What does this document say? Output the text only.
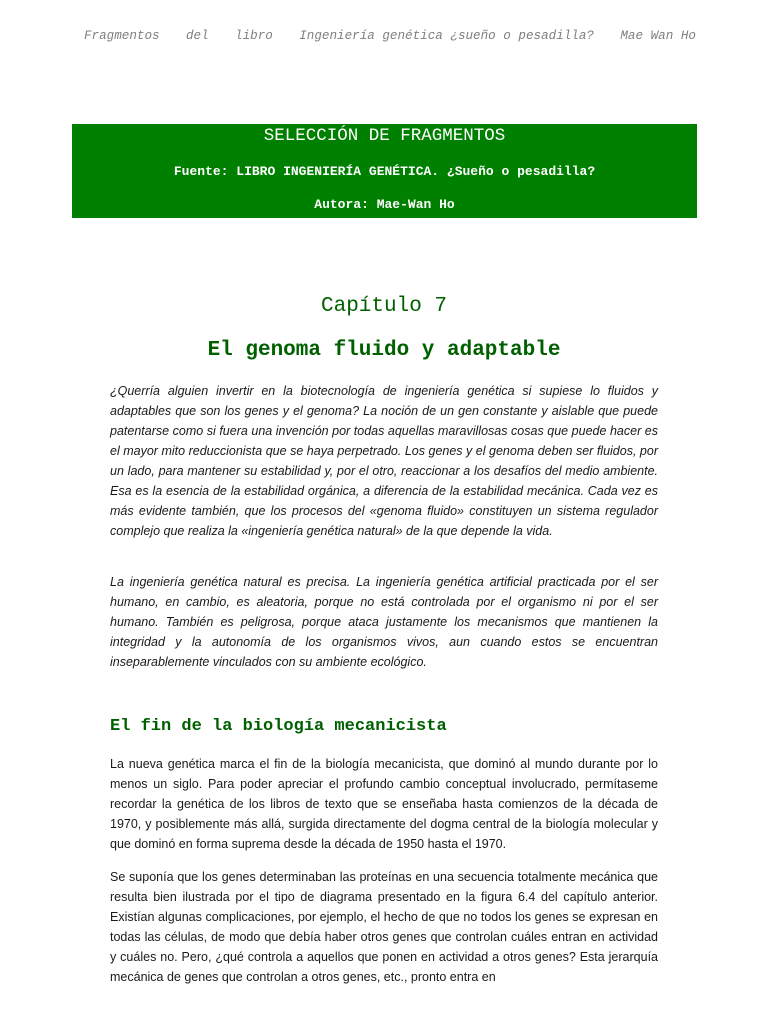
Fragmentos del libro Ingeniería genética ¿sueño o pesadilla? Mae Wan Ho
SELECCIÓN DE FRAGMENTOS
Fuente: LIBRO INGENIERÍA GENÉTICA. ¿Sueño o pesadilla?
Autora: Mae-Wan Ho
Capítulo 7
El genoma fluido y adaptable

¿Querría alguien invertir en la biotecnología de ingeniería genética si supiese lo fluidos y adaptables que son los genes y el genoma? La noción de un gen constante y aislable que puede patentarse como si fuera una invención por todas aquellas maravillosas cosas que puede hacer es el mayor mito reduccionista que se haya perpetrado. Los genes y el genoma deben ser fluidos, por un lado, para mantener su estabilidad y, por el otro, reaccionar a los desafíos del medio ambiente. Esa es la esencia de la estabilidad orgánica, a diferencia de la estabilidad mecánica. Cada vez es más evidente también, que los procesos del «genoma fluido» constituyen un sistema regulador complejo que realiza la «ingeniería genética natural» de la que depende la vida.

La ingeniería genética natural es precisa. La ingeniería genética artificial practicada por el ser humano, en cambio, es aleatoria, porque no está controlada por el organismo ni por el ser humano. También es peligrosa, porque ataca justamente los mecanismos que mantienen la integridad y la autonomía de los organismos vivos, aun cuando estos se encuentran inseparablemente vinculados con su ambiente ecológico.

El fin de la biología mecanicista

La nueva genética marca el fin de la biología mecanicista, que dominó al mundo durante por lo menos un siglo. Para poder apreciar el profundo cambio conceptual involucrado, permítaseme recordar la genética de los libros de texto que se enseñaba hasta comienzos de la década de 1970, y posiblemente más allá, surgida directamente del dogma central de la biología molecular y que dominó en forma suprema desde la década de 1950 hasta el 1970.

Se suponía que los genes determinaban las proteínas en una secuencia totalmente mecánica que resulta bien ilustrada por el tipo de diagrama presentado en la figura 6.4 del capítulo anterior. Existían algunas complicaciones, por ejemplo, el hecho de que no todos los genes se expresan en todas las células, de modo que debía haber otros genes que controlan cuáles entran en actividad y cuáles no. Pero, ¿qué controla a aquellos que ponen en actividad a otros genes? Esta jerarquía mecánica de genes que controlan a otros genes, etc., pronto entra en
